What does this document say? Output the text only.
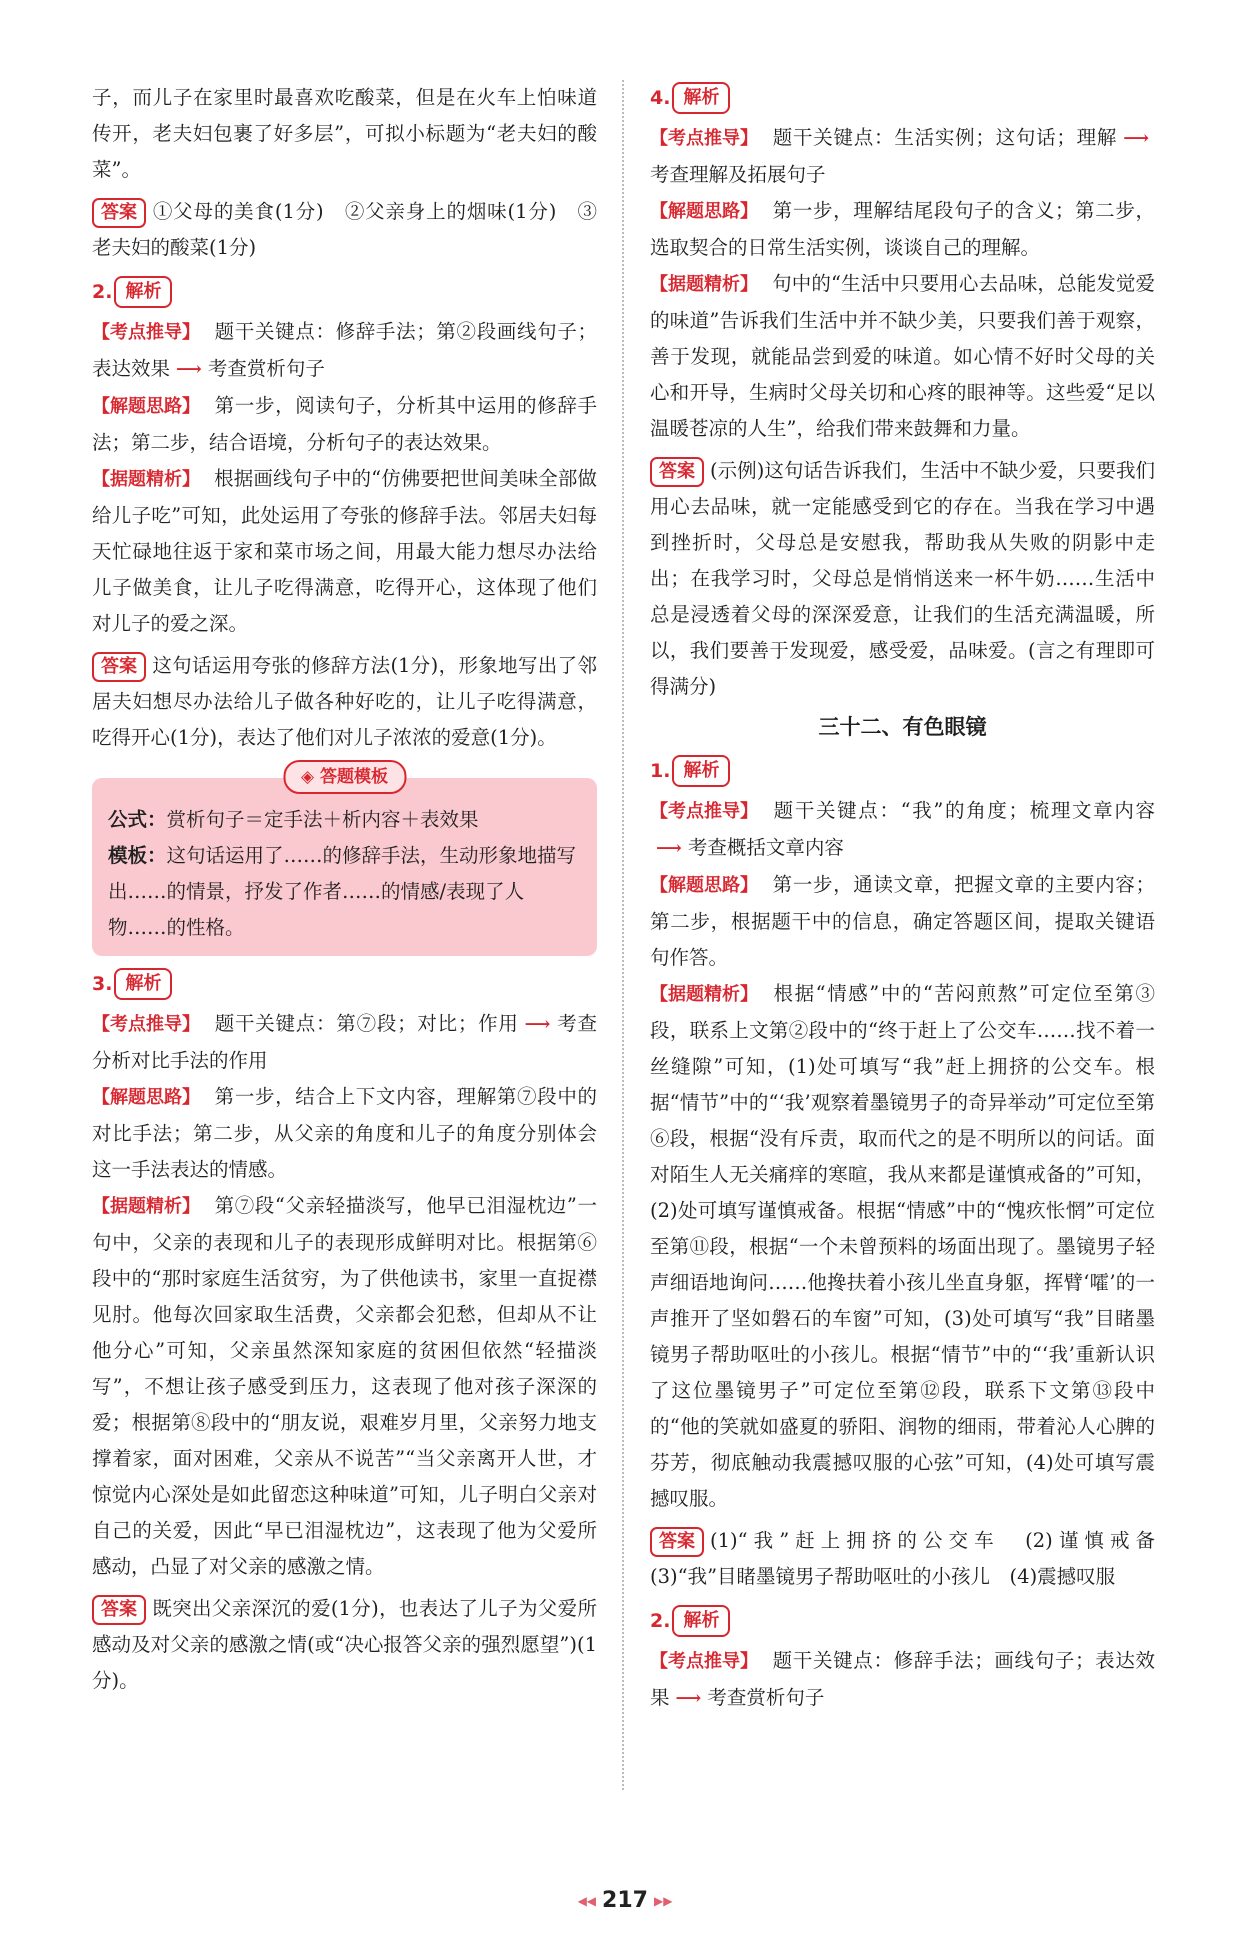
子，而儿子在家里时最喜欢吃酸菜，但是在火车上怕味道传开，老夫妇包裹了好多层”，可拟小标题为“老夫妇的酸菜”。

答案 ①父母的美食(1分)　②父亲身上的烟味(1分)　③老夫妇的酸菜(1分)

2. 解析

【考点推导】 题干关键点：修辞手法；第②段画线句子；表达效果 ⟶ 考查赏析句子

【解题思路】 第一步，阅读句子，分析其中运用的修辞手法；第二步，结合语境，分析句子的表达效果。

【据题精析】 根据画线句子中的“仿佛要把世间美味全部做给儿子吃”可知，此处运用了夸张的修辞手法。邻居夫妇每天忙碌地往返于家和菜市场之间，用最大能力想尽办法给儿子做美食，让儿子吃得满意，吃得开心，这体现了他们对儿子的爱之深。

答案 这句话运用夸张的修辞方法(1分)，形象地写出了邻居夫妇想尽办法给儿子做各种好吃的，让儿子吃得满意，吃得开心(1分)，表达了他们对儿子浓浓的爱意(1分)。

◈ 答题模板

公式：赏析句子＝定手法＋析内容＋表效果

模板：这句话运用了……的修辞手法，生动形象地描写出……的情景，抒发了作者……的情感/表现了人物……的性格。

3. 解析

【考点推导】 题干关键点：第⑦段；对比；作用 ⟶ 考查分析对比手法的作用

【解题思路】 第一步，结合上下文内容，理解第⑦段中的对比手法；第二步，从父亲的角度和儿子的角度分别体会这一手法表达的情感。

【据题精析】 第⑦段“父亲轻描淡写，他早已泪湿枕边”一句中，父亲的表现和儿子的表现形成鲜明对比。根据第⑥段中的“那时家庭生活贫穷，为了供他读书，家里一直捉襟见肘。他每次回家取生活费，父亲都会犯愁，但却从不让他分心”可知，父亲虽然深知家庭的贫困但依然“轻描淡写”，不想让孩子感受到压力，这表现了他对孩子深深的爱；根据第⑧段中的“朋友说，艰难岁月里，父亲努力地支撑着家，面对困难，父亲从不说苦”“当父亲离开人世，才惊觉内心深处是如此留恋这种味道”可知，儿子明白父亲对自己的关爱，因此“早已泪湿枕边”，这表现了他为父爱所感动，凸显了对父亲的感激之情。

答案 既突出父亲深沉的爱(1分)，也表达了儿子为父爱所感动及对父亲的感激之情(或“决心报答父亲的强烈愿望”)(1分)。

4. 解析

【考点推导】 题干关键点：生活实例；这句话；理解 ⟶考查理解及拓展句子

【解题思路】 第一步，理解结尾段句子的含义；第二步，选取契合的日常生活实例，谈谈自己的理解。

【据题精析】 句中的“生活中只要用心去品味，总能发觉爱的味道”告诉我们生活中并不缺少美，只要我们善于观察，善于发现，就能品尝到爱的味道。如心情不好时父母的关心和开导，生病时父母关切和心疼的眼神等。这些爱“足以温暖苍凉的人生”，给我们带来鼓舞和力量。

答案 (示例)这句话告诉我们，生活中不缺少爱，只要我们用心去品味，就一定能感受到它的存在。当我在学习中遇到挫折时，父母总是安慰我，帮助我从失败的阴影中走出；在我学习时，父母总是悄悄送来一杯牛奶……生活中总是浸透着父母的深深爱意，让我们的生活充满温暖，所以，我们要善于发现爱，感受爱，品味爱。(言之有理即可得满分)

三十二、有色眼镜

1. 解析

【考点推导】 题干关键点：“我”的角度；梳理文章内容⟶ 考查概括文章内容

【解题思路】 第一步，通读文章，把握文章的主要内容；第二步，根据题干中的信息，确定答题区间，提取关键语句作答。

【据题精析】 根据“情感”中的“苦闷煎熬”可定位至第③段，联系上文第②段中的“终于赶上了公交车……找不着一丝缝隙”可知，(1)处可填写“我”赶上拥挤的公交车。根据“情节”中的“‘我’观察着墨镜男子的奇异举动”可定位至第⑥段，根据“没有斥责，取而代之的是不明所以的问话。面对陌生人无关痛痒的寒暄，我从来都是谨慎戒备的”可知，(2)处可填写谨慎戒备。根据“情感”中的“愧疚怅惘”可定位至第⑪段，根据“一个未曾预料的场面出现了。墨镜男子轻声细语地询问……他搀扶着小孩儿坐直身躯，挥臂‘嚯’的一声推开了坚如磐石的车窗”可知，(3)处可填写“我”目睹墨镜男子帮助呕吐的小孩儿。根据“情节”中的“‘我’重新认识了这位墨镜男子”可定位至第⑫段，联系下文第⑬段中的“他的笑就如盛夏的骄阳、润物的细雨，带着沁人心脾的芬芳，彻底触动我震撼叹服的心弦”可知，(4)处可填写震撼叹服。

答案 (1)“我”赶上拥挤的公交车　(2)谨慎戒备　(3)“我”目睹墨镜男子帮助呕吐的小孩儿　(4)震撼叹服

2. 解析

【考点推导】 题干关键点：修辞手法；画线句子；表达效果 ⟶ 考查赏析句子

◀◀ 217 ▶▶
